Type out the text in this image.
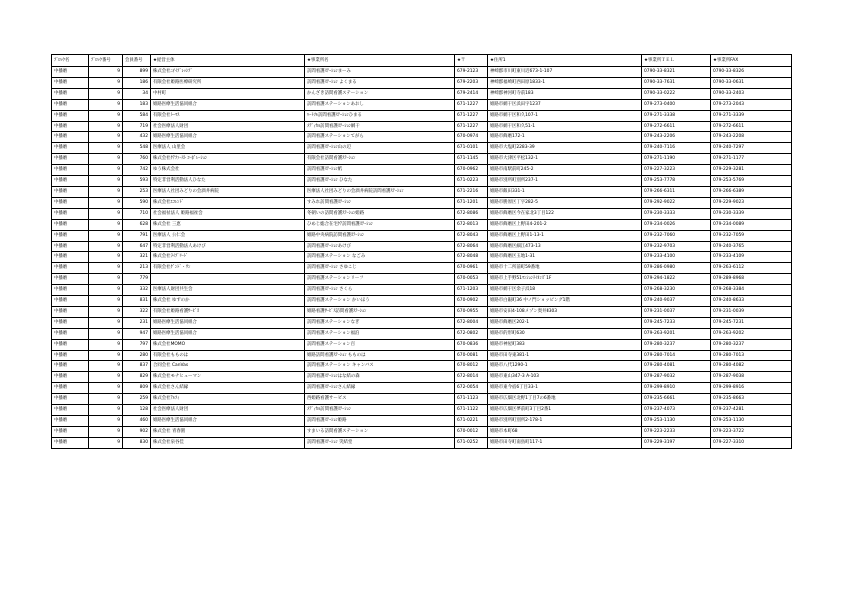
ﾌﾞﾛｯｸ名	ﾌﾞﾛｯｸ番号	会員番号	★経営主体	★事業所名	★〒	★住所1	★事業所ＴＥＬ	★事業所FAX
中播磨	9	899	株式会社ﾆﾁｲﾌﾞﾚｯｼﾌﾞ	訪問看護ｽﾃｰｼｮﾝまーみ	679-2123	神崎郡市川町東川辺673-1-107	0790-33-8321	0790-33-8326
中播磨	9	186	有限会社姫路医療研究所	訪問看護ｽﾃｰｼｮﾝ よくまる	679-2203	神崎郡福崎町西田原1833-1	0790-33-7631	0790-33-0631
中播磨	9	34	中村町	かんざき訪問看護ステーション	679-2414	神崎郡神河町寺前183	0790-33-0222	0790-33-2403
中播磨	9	183	姫路医療生活協同組合	訪問看護ステーションあおし	671-1227	姫路市網干区浜田字1237	079-273-0400	079-273-2043
中播磨	9	584	有限会社ﾄｰﾏｽ	ﾊｰﾄﾌﾙ訪問看護ｽﾃｰｼｮﾝひまる	671-1227	姫路市網干区和久107-1	079-271-3338	079-271-3339
中播磨	9	719	社会医療法人財団	ﾒﾃﾞｨｶﾙ訪問看護ｽﾃｰｼｮﾝ網干	671-1227	姫路市網干区和久51-1	079-272-6611	079-272-6611
中播磨	9	432	姫路医療生活協同組合	訪問看護ステーションてがら	670-0974	姫路市飾磨172-1	079-243-2206	079-243-2208
中播磨	9	548	医療法人 山里会	訪問看護ｽﾃｰｼｮﾝ山の辺	671-0101	姫路市大塩町2283-39	079-240-7116	079-240-7297
中播磨	9	760	株式会社ｹｱﾌｧｰｽﾄ ｺｰﾎﾟﾚｰｼｮﾝ	有限会社訪問看護ｽﾃｰｼｮﾝ	671-1145	姫路市大津区平松132-1	079-271-1190	079-271-1177
中播磨	9	742	ゆう株式会社	訪問看護ｽﾃｰｼｮﾝ紙	670-0962	姫路市南駅前町245-2	079-227-3223	079-229-3281
中播磨	9	593	特定非営利活動法人ひなた	訪問看護ｽﾃｰｼｮﾝ ひなた	671-0223	姫路市別所町別所237-1	079-253-7778	079-253-5769
中播磨	9	253	医療法人社団みどりの会酒井病院	医療法人社団みどりの会酒井病院訪問看護ｽﾃｰｼｮﾝ	671-2216	姫路市飯田331-1	079-266-6311	079-266-6389
中播磨	9	590	株式会社ｴｺﾚﾝﾄﾞ	すみれ訪問看護ｽﾃｰｼｮﾝ	671-1201	姫路市勝原区丁字282-5	079-292-9022	079-229-9023
中播磨	9	710	社会福祉法人 姫路福祉会	冬朝いの訪問看護ｽﾃｰｼｮﾝ姫路	672-8086	姫路市飾磨区今在家北3丁目122	079-230-3333	079-230-3339
中播磨	9	628	株式会社 三恵	ひめじ総合在宅ｹｱ訪問看護ｽﾃｰｼｮﾝ	672-8013	姫路市飾磨区上野田4-201-2	079-234-0026	079-234-0089
中播磨	9	791	医療法人 公仁会	姫路中央病院訪問看護ｽﾃｰｼｮﾝ	672-8043	姫路市飾磨区上野田1-13-1	079-232-7060	079-232-7059
中播磨	9	647	特定非営利活動法人あけび	訪問看護ｽﾃｰｼｮﾝあけび	672-8064	姫路市飾磨区細江473-13	079-232-9703	079-240-3765
中播磨	9	321	株式会社ﾗｲﾌﾞﾘｰﾄﾞ	訪問看護ステーション なごみ	672-8048	姫路市飾磨区玉地1-31	079-233-4100	079-233-4109
中播磨	9	213	有限会社ｹﾞﾝﾄﾞ・ﾜﾝ	訪問看護ｽﾃｰｼｮﾝ さゆこじ	670-0961	姫路市十二所前町59番地	079-286-0980	079-263-6112
中播磨	9	779		訪問看護ステーションリーフ	670-0053	姫路市上手野51ﾏﾝｼｮﾝﾗｲｵﾝｽﾞ1F	079-294-1822	079-289-8968
中播磨	9	332	医療法人財団共生会	訪問看護ｽﾃｰｼｮﾝ さくら	671-1203	姫路市網干区余子浜18	079-268-3230	079-268-3384
中播磨	9	831	株式会社 ゆずのか	訪問看護ステーション かいほう	670-0902	姫路市白銀町36 中ノ門ショッピング1階	079-240-9037	079-240-8633
中播磨	9	322	有限会社姫路看護ｻｰﾋﾞｽ	姫路看護ｻｰﾋﾞｽ訪問看護ｽﾃｰｼｮﾝ	670-0955	姫路市安田4-108メゾン奥井Ⅱ303	079-231-0037	079-231-0039
中播磨	9	231	姫路医療生活協同組合	訪問看護ステーションなぎ	672-8004	姫路市飾磨区202-1	079-245-7233	079-245-7231
中播磨	9	947	姫路医療生活協同組合	訪問看護ステーション福泊	672-0802	姫路市的形町630	079-263-9201	079-263-9202
中播磨	9	797	株式会社MOMO	訪問看護ステーション百	670-0836	姫路市神屋町383	079-280-3237	079-280-3237
中播磨	9	280	有限会社もものは	姫路訪問看護ｽﾃｰｼｮﾝ もものは	670-0081	姫路市田寺東381-1	079-280-7014	079-280-7013
中播磨	9	837	合同会社 CanVas	訪問看護ステーション キャンバス	670-8012	姫路市八代1290-1	079-280-4081	079-280-4082
中播磨	9	829	株式会社モナヒューマン	訪問看護ｽﾃｰｼｮﾝはな結の森	672-8014	姫路市東山347-3 A-103	079-287-9032	079-287-9038
中播磨	9	809	株式会社さん結縁	訪問看護ｽﾃｰｼｮﾝさん結縁	672-0054	姫路市東今宿6丁目33-1	079-299-8910	079-299-8916
中播磨	9	259	株式会社ｱﾙﾌｨ	西姫路看護サービス	671-1123	姫路市広畑区北野1丁目7の6番地	079-235-6661	079-235-8663
中播磨	9	128	社会医療法人財団	ﾒﾃﾞｨｶﾙ訪問看護ｽﾃｰｼｮﾝ	671-1122	姫路市広畑区夢前町3丁目2番1	079-237-4073	079-237-4281
中播磨	9	460	姫路医療生活協同組合	訪問看護ｽﾃｰｼｮﾝ姫路	671-0221	姫路市別所町別所2-178-1	079-253-1130	079-253-1130
中播磨	9	902	株式会社 青春園	すまいる訪問看護ステーション	670-0012	姫路市本町68	079-223-2233	079-223-3722
中播磨	9	830	株式会社泉谷佳	訪問看護ｽﾃｰｼｮﾝ 笑結堂	671-0252	姫路市田寺町南鳥町117-1	079-229-3197	079-227-3310
